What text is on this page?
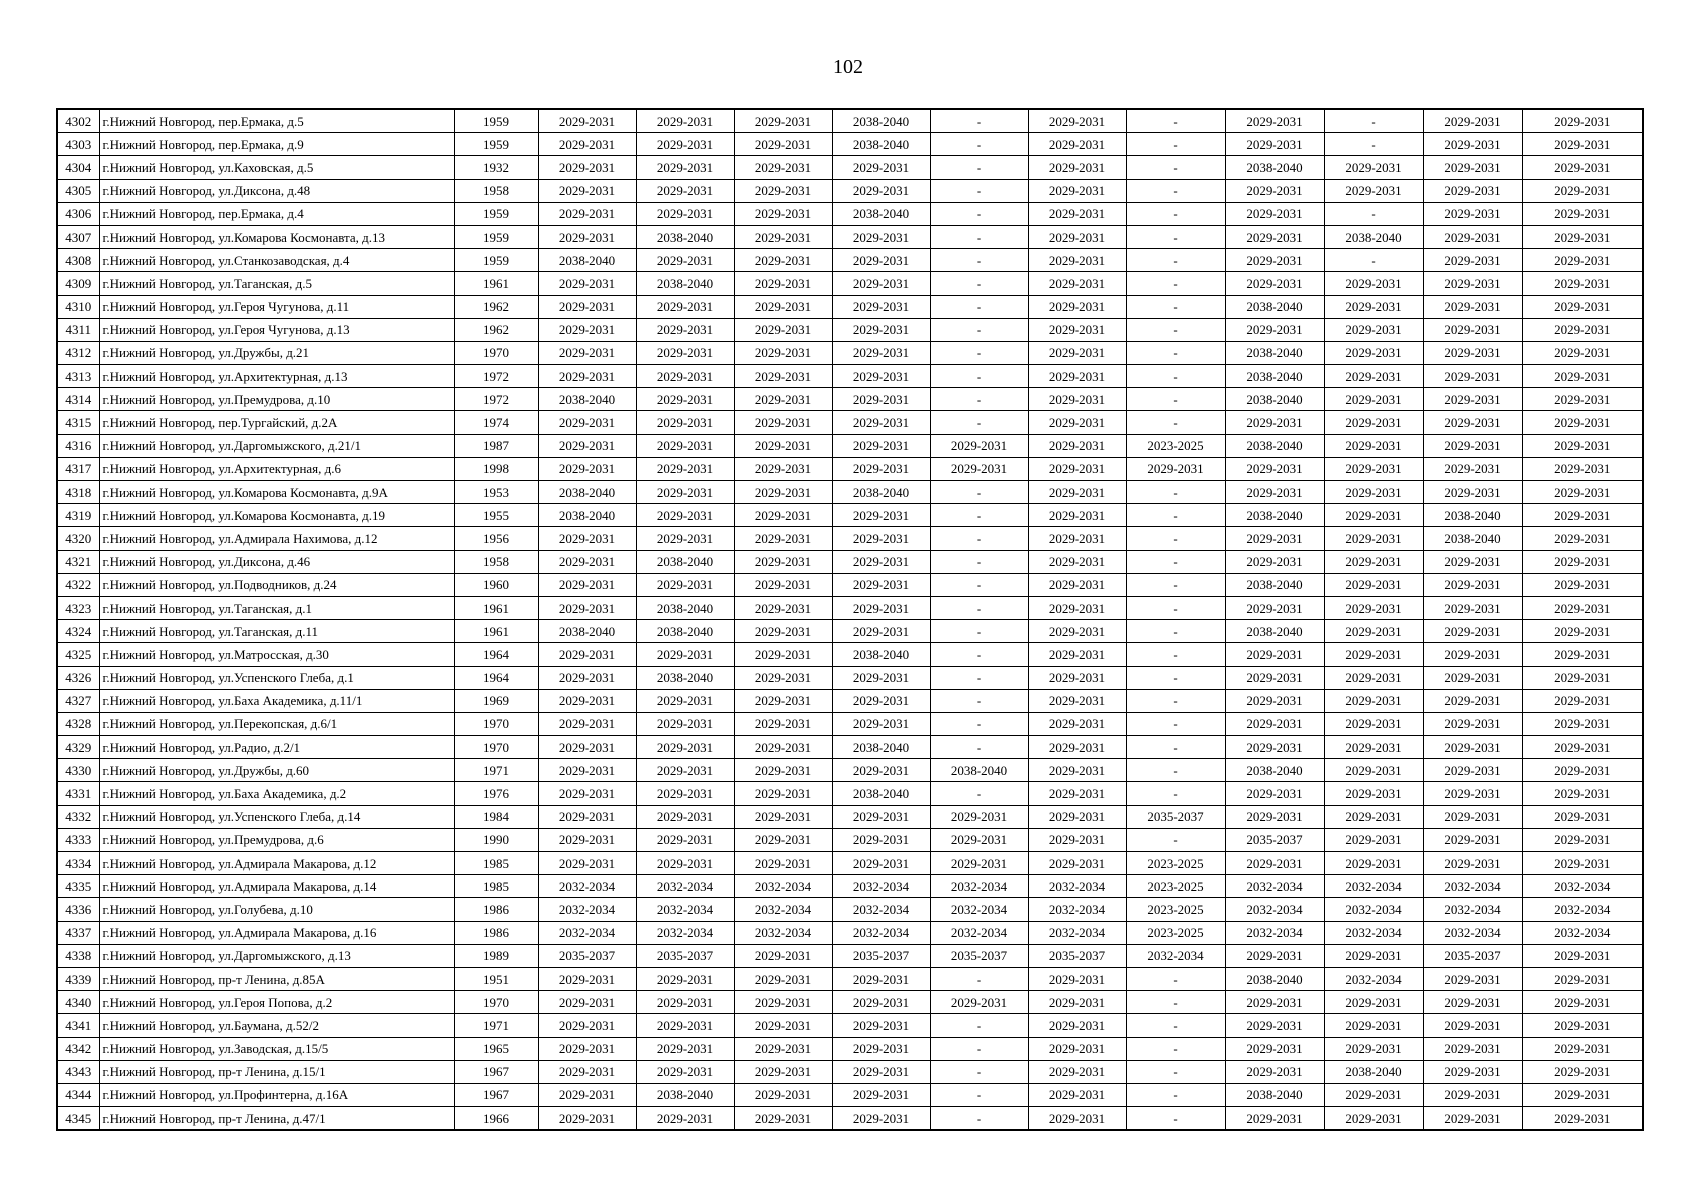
102
4302	г.Нижний Новгород, пер.Ермака, д.5	1959	2029-2031	2029-2031	2029-2031	2038-2040	-	2029-2031	-	2029-2031	-	2029-2031	2029-2031
4303	г.Нижний Новгород, пер.Ермака, д.9	1959	2029-2031	2029-2031	2029-2031	2038-2040	-	2029-2031	-	2029-2031	-	2029-2031	2029-2031
4304	г.Нижний Новгород, ул.Каховская, д.5	1932	2029-2031	2029-2031	2029-2031	2029-2031	-	2029-2031	-	2038-2040	2029-2031	2029-2031	2029-2031
4305	г.Нижний Новгород, ул.Диксона, д.48	1958	2029-2031	2029-2031	2029-2031	2029-2031	-	2029-2031	-	2029-2031	2029-2031	2029-2031	2029-2031
4306	г.Нижний Новгород, пер.Ермака, д.4	1959	2029-2031	2029-2031	2029-2031	2038-2040	-	2029-2031	-	2029-2031	-	2029-2031	2029-2031
4307	г.Нижний Новгород, ул.Комарова Космонавта, д.13	1959	2029-2031	2038-2040	2029-2031	2029-2031	-	2029-2031	-	2029-2031	2038-2040	2029-2031	2029-2031
4308	г.Нижний Новгород, ул.Станкозаводская, д.4	1959	2038-2040	2029-2031	2029-2031	2029-2031	-	2029-2031	-	2029-2031	-	2029-2031	2029-2031
4309	г.Нижний Новгород, ул.Таганская, д.5	1961	2029-2031	2038-2040	2029-2031	2029-2031	-	2029-2031	-	2029-2031	2029-2031	2029-2031	2029-2031
4310	г.Нижний Новгород, ул.Героя Чугунова, д.11	1962	2029-2031	2029-2031	2029-2031	2029-2031	-	2029-2031	-	2038-2040	2029-2031	2029-2031	2029-2031
4311	г.Нижний Новгород, ул.Героя Чугунова, д.13	1962	2029-2031	2029-2031	2029-2031	2029-2031	-	2029-2031	-	2029-2031	2029-2031	2029-2031	2029-2031
4312	г.Нижний Новгород, ул.Дружбы, д.21	1970	2029-2031	2029-2031	2029-2031	2029-2031	-	2029-2031	-	2038-2040	2029-2031	2029-2031	2029-2031
4313	г.Нижний Новгород, ул.Архитектурная, д.13	1972	2029-2031	2029-2031	2029-2031	2029-2031	-	2029-2031	-	2038-2040	2029-2031	2029-2031	2029-2031
4314	г.Нижний Новгород, ул.Премудрова, д.10	1972	2038-2040	2029-2031	2029-2031	2029-2031	-	2029-2031	-	2038-2040	2029-2031	2029-2031	2029-2031
4315	г.Нижний Новгород, пер.Тургайский, д.2А	1974	2029-2031	2029-2031	2029-2031	2029-2031	-	2029-2031	-	2029-2031	2029-2031	2029-2031	2029-2031
4316	г.Нижний Новгород, ул.Даргомыжского, д.21/1	1987	2029-2031	2029-2031	2029-2031	2029-2031	2029-2031	2029-2031	2023-2025	2038-2040	2029-2031	2029-2031	2029-2031
4317	г.Нижний Новгород, ул.Архитектурная, д.6	1998	2029-2031	2029-2031	2029-2031	2029-2031	2029-2031	2029-2031	2029-2031	2029-2031	2029-2031	2029-2031	2029-2031
4318	г.Нижний Новгород, ул.Комарова Космонавта, д.9А	1953	2038-2040	2029-2031	2029-2031	2038-2040	-	2029-2031	-	2029-2031	2029-2031	2029-2031	2029-2031
4319	г.Нижний Новгород, ул.Комарова Космонавта, д.19	1955	2038-2040	2029-2031	2029-2031	2029-2031	-	2029-2031	-	2038-2040	2029-2031	2038-2040	2029-2031
4320	г.Нижний Новгород, ул.Адмирала Нахимова, д.12	1956	2029-2031	2029-2031	2029-2031	2029-2031	-	2029-2031	-	2029-2031	2029-2031	2038-2040	2029-2031
4321	г.Нижний Новгород, ул.Диксона, д.46	1958	2029-2031	2038-2040	2029-2031	2029-2031	-	2029-2031	-	2029-2031	2029-2031	2029-2031	2029-2031
4322	г.Нижний Новгород, ул.Подводников, д.24	1960	2029-2031	2029-2031	2029-2031	2029-2031	-	2029-2031	-	2038-2040	2029-2031	2029-2031	2029-2031
4323	г.Нижний Новгород, ул.Таганская, д.1	1961	2029-2031	2038-2040	2029-2031	2029-2031	-	2029-2031	-	2029-2031	2029-2031	2029-2031	2029-2031
4324	г.Нижний Новгород, ул.Таганская, д.11	1961	2038-2040	2038-2040	2029-2031	2029-2031	-	2029-2031	-	2038-2040	2029-2031	2029-2031	2029-2031
4325	г.Нижний Новгород, ул.Матросская, д.30	1964	2029-2031	2029-2031	2029-2031	2038-2040	-	2029-2031	-	2029-2031	2029-2031	2029-2031	2029-2031
4326	г.Нижний Новгород, ул.Успенского Глеба, д.1	1964	2029-2031	2038-2040	2029-2031	2029-2031	-	2029-2031	-	2029-2031	2029-2031	2029-2031	2029-2031
4327	г.Нижний Новгород, ул.Баха Академика, д.11/1	1969	2029-2031	2029-2031	2029-2031	2029-2031	-	2029-2031	-	2029-2031	2029-2031	2029-2031	2029-2031
4328	г.Нижний Новгород, ул.Перекопская, д.6/1	1970	2029-2031	2029-2031	2029-2031	2029-2031	-	2029-2031	-	2029-2031	2029-2031	2029-2031	2029-2031
4329	г.Нижний Новгород, ул.Радио, д.2/1	1970	2029-2031	2029-2031	2029-2031	2038-2040	-	2029-2031	-	2029-2031	2029-2031	2029-2031	2029-2031
4330	г.Нижний Новгород, ул.Дружбы, д.60	1971	2029-2031	2029-2031	2029-2031	2029-2031	2038-2040	2029-2031	-	2038-2040	2029-2031	2029-2031	2029-2031
4331	г.Нижний Новгород, ул.Баха Академика, д.2	1976	2029-2031	2029-2031	2029-2031	2038-2040	-	2029-2031	-	2029-2031	2029-2031	2029-2031	2029-2031
4332	г.Нижний Новгород, ул.Успенского Глеба, д.14	1984	2029-2031	2029-2031	2029-2031	2029-2031	2029-2031	2029-2031	2035-2037	2029-2031	2029-2031	2029-2031	2029-2031
4333	г.Нижний Новгород, ул.Премудрова, д.6	1990	2029-2031	2029-2031	2029-2031	2029-2031	2029-2031	2029-2031	-	2035-2037	2029-2031	2029-2031	2029-2031
4334	г.Нижний Новгород, ул.Адмирала Макарова, д.12	1985	2029-2031	2029-2031	2029-2031	2029-2031	2029-2031	2029-2031	2023-2025	2029-2031	2029-2031	2029-2031	2029-2031
4335	г.Нижний Новгород, ул.Адмирала Макарова, д.14	1985	2032-2034	2032-2034	2032-2034	2032-2034	2032-2034	2032-2034	2023-2025	2032-2034	2032-2034	2032-2034	2032-2034
4336	г.Нижний Новгород, ул.Голубева, д.10	1986	2032-2034	2032-2034	2032-2034	2032-2034	2032-2034	2032-2034	2023-2025	2032-2034	2032-2034	2032-2034	2032-2034
4337	г.Нижний Новгород, ул.Адмирала Макарова, д.16	1986	2032-2034	2032-2034	2032-2034	2032-2034	2032-2034	2032-2034	2023-2025	2032-2034	2032-2034	2032-2034	2032-2034
4338	г.Нижний Новгород, ул.Даргомыжского, д.13	1989	2035-2037	2035-2037	2029-2031	2035-2037	2035-2037	2035-2037	2032-2034	2029-2031	2029-2031	2035-2037	2029-2031
4339	г.Нижний Новгород, пр-т Ленина, д.85А	1951	2029-2031	2029-2031	2029-2031	2029-2031	-	2029-2031	-	2038-2040	2032-2034	2029-2031	2029-2031
4340	г.Нижний Новгород, ул.Героя Попова, д.2	1970	2029-2031	2029-2031	2029-2031	2029-2031	2029-2031	2029-2031	-	2029-2031	2029-2031	2029-2031	2029-2031
4341	г.Нижний Новгород, ул.Баумана, д.52/2	1971	2029-2031	2029-2031	2029-2031	2029-2031	-	2029-2031	-	2029-2031	2029-2031	2029-2031	2029-2031
4342	г.Нижний Новгород, ул.Заводская, д.15/5	1965	2029-2031	2029-2031	2029-2031	2029-2031	-	2029-2031	-	2029-2031	2029-2031	2029-2031	2029-2031
4343	г.Нижний Новгород, пр-т Ленина, д.15/1	1967	2029-2031	2029-2031	2029-2031	2029-2031	-	2029-2031	-	2029-2031	2038-2040	2029-2031	2029-2031
4344	г.Нижний Новгород, ул.Профинтерна, д.16А	1967	2029-2031	2038-2040	2029-2031	2029-2031	-	2029-2031	-	2038-2040	2029-2031	2029-2031	2029-2031
4345	г.Нижний Новгород, пр-т Ленина, д.47/1	1966	2029-2031	2029-2031	2029-2031	2029-2031	-	2029-2031	-	2029-2031	2029-2031	2029-2031	2029-2031
